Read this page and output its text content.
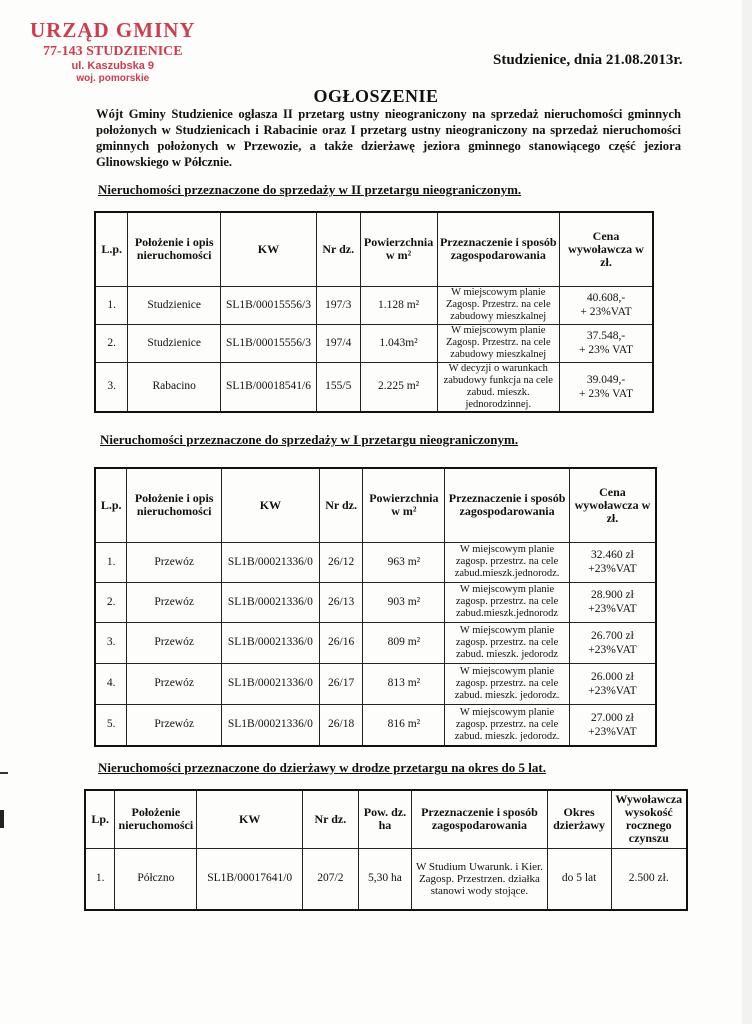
URZĄD GMINY
77-143 STUDZIENICE
ul. Kaszubska 9
woj. pomorskie
Studzienice, dnia 21.08.2013r.
OGŁOSZENIE
Wójt Gminy Studzienice ogłasza II przetarg ustny nieograniczony na sprzedaż nieruchomości gminnych położonych w Studzienicach i Rabacinie oraz I przetarg ustny nieograniczony na sprzedaż nieruchomości gminnych położonych w Przewozie, a także dzierżawę jeziora gminnego stanowiącego część jeziora Glinowskiego w Półcznie.
Nieruchomości przeznaczone do sprzedaży w II przetargu nieograniczonym.
L.p.	Położenie i opis nieruchomości	KW	Nr dz.	Powierzchnia w m²	Przeznaczenie i sposób zagospodarowania	Cena wywoławcza w zł.
1.	Studzienice	SL1B/00015556/3	197/3	1.128 m²	W miejscowym planie Zagosp. Przestrz. na cele zabudowy mieszkalnej	40.608,-
+ 23%VAT

2.	Studzienice	SL1B/00015556/3	197/4	1.043m²	W miejscowym planie Zagosp. Przestrz. na cele zabudowy mieszkalnej	37.548,-
+ 23% VAT

3.	Rabacino	SL1B/00018541/6	155/5	2.225 m²	W decyzji o warunkach zabudowy funkcja na cele zabud. mieszk. jednorodzinnej.	39.049,-
+ 23% VAT
Nieruchomości przeznaczone do sprzedaży w I przetargu nieograniczonym.
L.p.	Położenie i opis nieruchomości	KW	Nr dz.	Powierzchnia w m²	Przeznaczenie i sposób zagospodarowania	Cena wywoławcza w zł.
1.	Przewóz	SL1B/00021336/0	26/12	963 m²	W miejscowym planie zagosp. przestrz. na cele zabud.mieszk.jednorodz.	32.460 zł
+23%VAT

2.	Przewóz	SL1B/00021336/0	26/13	903 m²	W miejscowym planie zagosp. przestrz. na cele zabud.mieszk.jednorodz	28.900 zł
+23%VAT

3.	Przewóz	SL1B/00021336/0	26/16	809 m²	W miejscowym planie zagosp. przestrz. na cele zabud. mieszk. jedorodz	26.700 zł
+23%VAT

4.	Przewóz	SL1B/00021336/0	26/17	813 m²	W miejscowym planie zagosp. przestrz. na cele zabud. mieszk. jedorodz.	26.000 zł
+23%VAT

5.	Przewóz	SL1B/00021336/0	26/18	816 m²	W miejscowym planie zagosp. przestrz. na cele zabud. mieszk. jedorodz.	27.000 zł
+23%VAT
Nieruchomości przeznaczone do dzierżawy w drodze przetargu na okres do 5 lat.
Lp.	Położenie nieruchomości	KW	Nr dz.	Pow. dz. ha	Przeznaczenie i sposób zagospodarowania	Okres dzierżawy	Wywoławcza wysokość rocznego czynszu
1.	Półczno	SL1B/00017641/0	207/2	5,30 ha	W Studium Uwarunk. i Kier. Zagosp. Przestrzen. działka stanowi wody stojące.	do 5 lat	2.500 zł.
